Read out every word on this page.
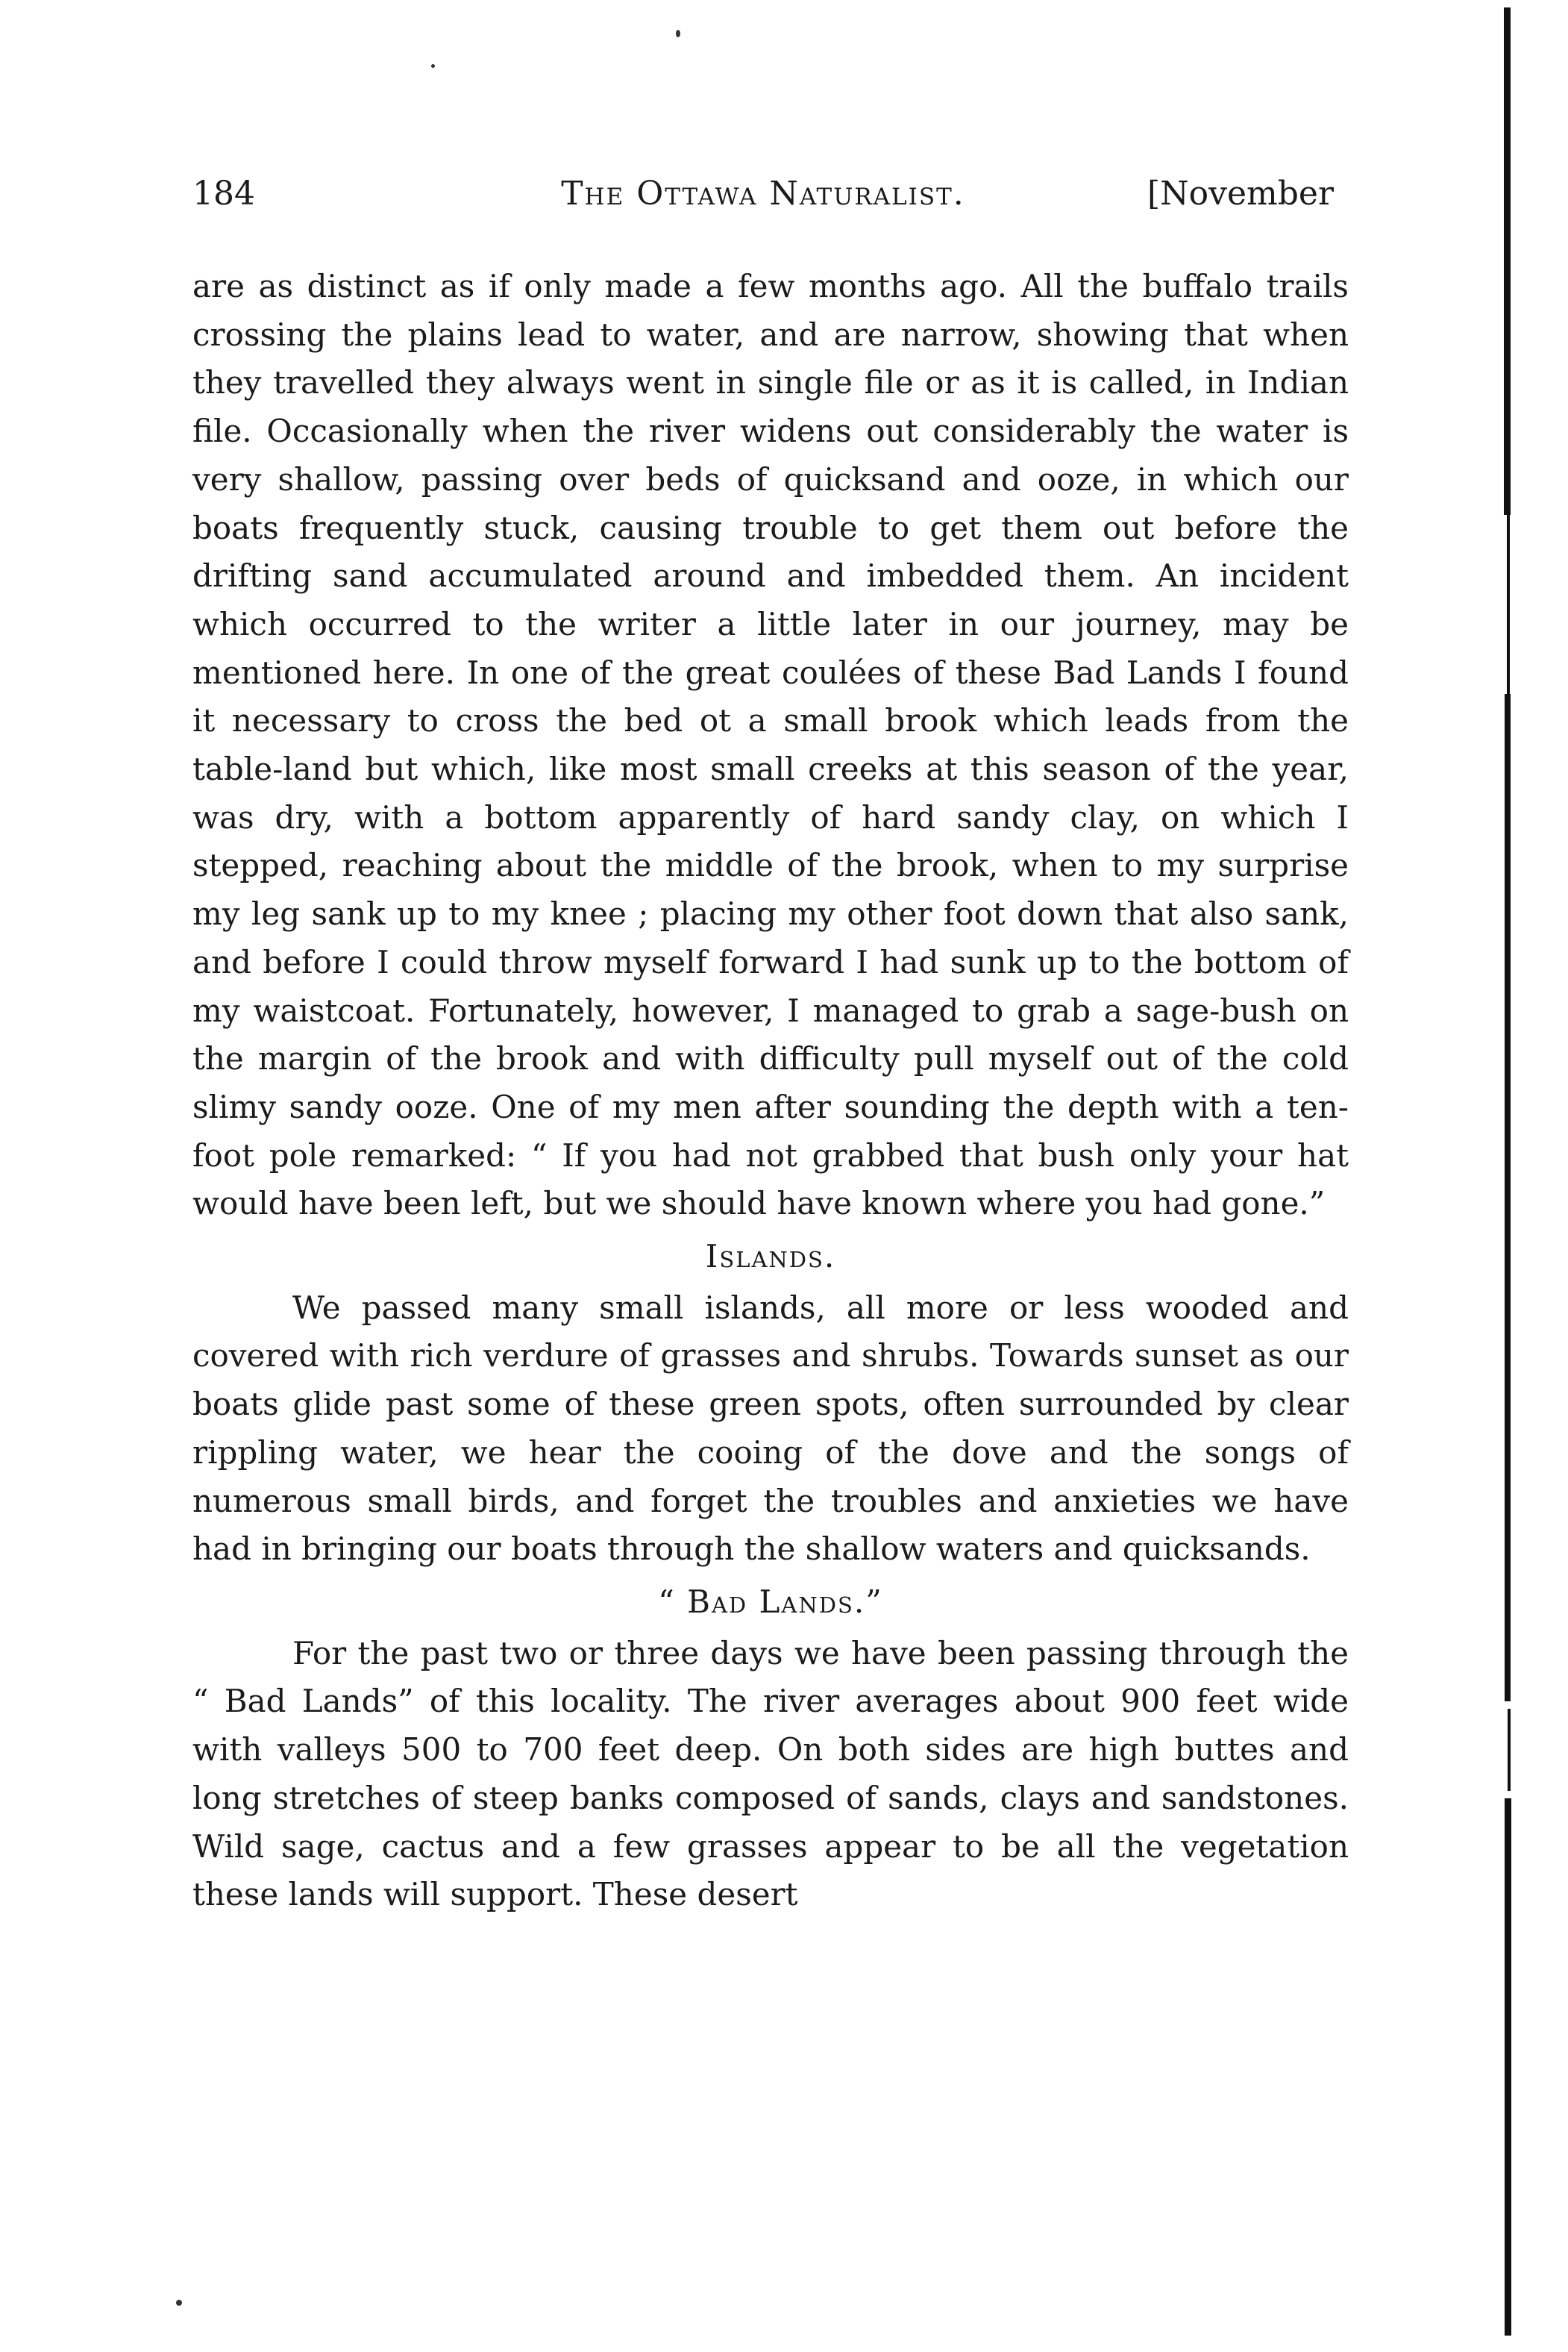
184	The Ottawa Naturalist.	[November

are as distinct as if only made a few months ago. All the buffalo trails crossing the plains lead to water, and are narrow, showing that when they travelled they always went in single file or as it is called, in Indian file. Occasionally when the river widens out considerably the water is very shallow, passing over beds of quicksand and ooze, in which our boats frequently stuck, causing trouble to get them out before the drifting sand accumulated around and imbedded them. An incident which occurred to the writer a little later in our journey, may be mentioned here. In one of the great coulées of these Bad Lands I found it necessary to cross the bed ot a small brook which leads from the table-land but which, like most small creeks at this season of the year, was dry, with a bottom apparently of hard sandy clay, on which I stepped, reaching about the middle of the brook, when to my surprise my leg sank up to my knee ; placing my other foot down that also sank, and before I could throw myself forward I had sunk up to the bottom of my waistcoat. Fortunately, however, I managed to grab a sage-bush on the margin of the brook and with difficulty pull myself out of the cold slimy sandy ooze. One of my men after sounding the depth with a ten-foot pole remarked: “ If you had not grabbed that bush only your hat would have been left, but we should have known where you had gone.”

Islands.

We passed many small islands, all more or less wooded and covered with rich verdure of grasses and shrubs. Towards sunset as our boats glide past some of these green spots, often surrounded by clear rippling water, we hear the cooing of the dove and the songs of numerous small birds, and forget the troubles and anxieties we have had in bringing our boats through the shallow waters and quicksands.

“ Bad Lands.”

For the past two or three days we have been passing through the “ Bad Lands” of this locality. The river averages about 900 feet wide with valleys 500 to 700 feet deep. On both sides are high buttes and long stretches of steep banks composed of sands, clays and sandstones. Wild sage, cactus and a few grasses appear to be all the vegetation these lands will support. These desert
